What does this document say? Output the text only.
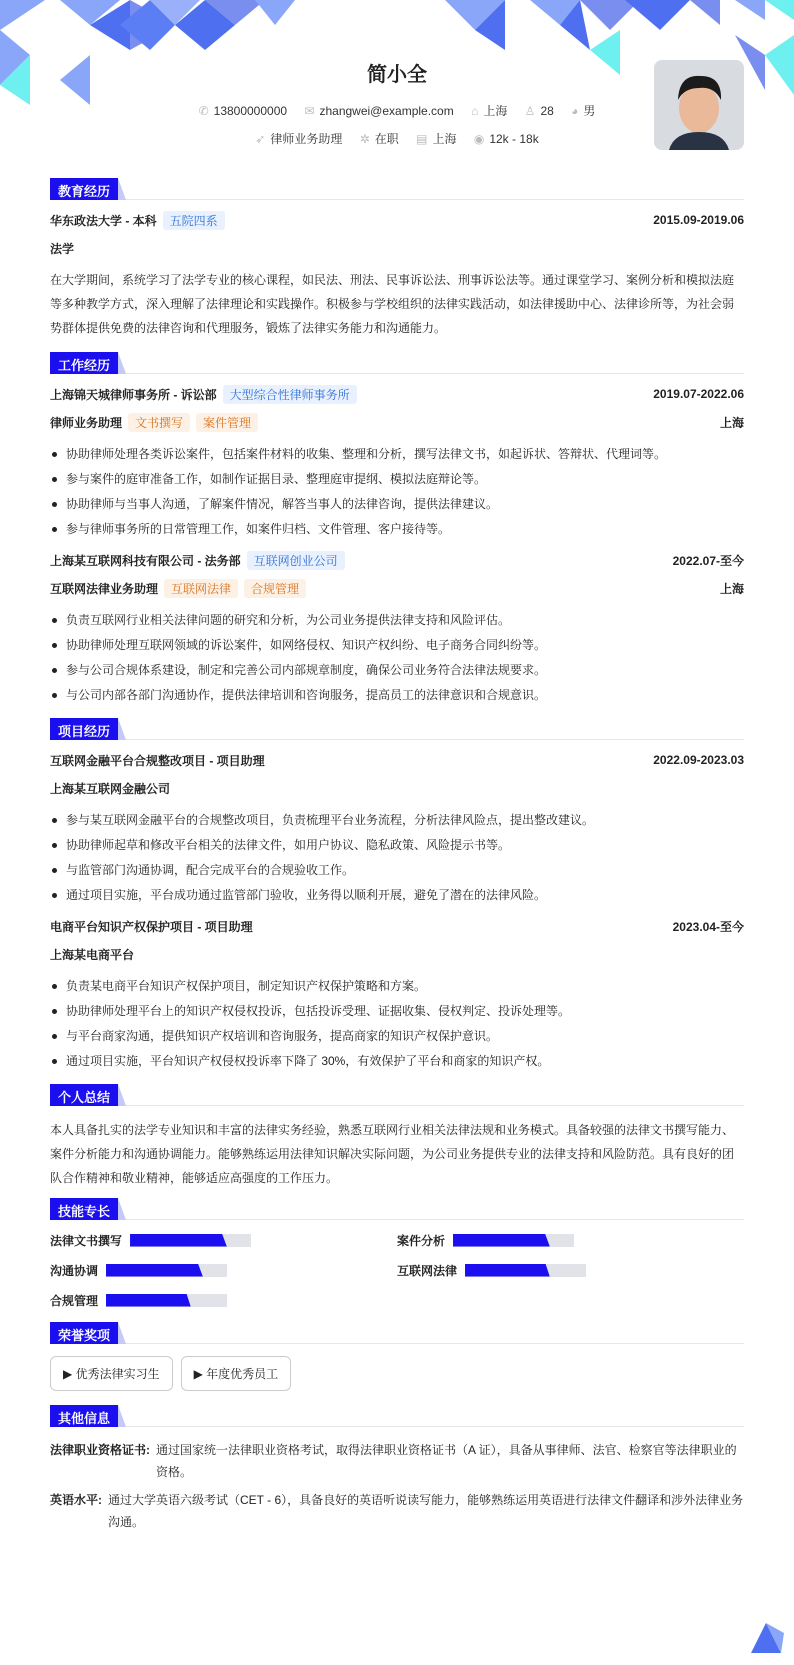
简小全
✆ 13800000000 ✉ zhangwei@example.com ⌂ 上海 ♙ 28 ◕ 男
➶ 律师业务助理 ✲ 在职 ▤ 上海 ◉ 12k - 18k
教育经历
华东政法大学 - 本科 五院四系	2015.09-2019.06
法学

在大学期间，系统学习了法学专业的核心课程，如民法、刑法、民事诉讼法、刑事诉讼法等。通过课堂学习、案例分析和模拟法庭等多种教学方式，深入理解了法律理论和实践操作。积极参与学校组织的法律实践活动，如法律援助中心、法律诊所等，为社会弱势群体提供免费的法律咨询和代理服务，锻炼了法律实务能力和沟通能力。

工作经历
上海锦天城律师事务所 - 诉讼部 大型综合性律师事务所	2019.07-2022.06
律师业务助理 文书撰写 案件管理	上海
协助律师处理各类诉讼案件，包括案件材料的收集、整理和分析，撰写法律文书，如起诉状、答辩状、代理词等。
参与案件的庭审准备工作，如制作证据目录、整理庭审提纲、模拟法庭辩论等。
协助律师与当事人沟通，了解案件情况，解答当事人的法律咨询，提供法律建议。
参与律师事务所的日常管理工作，如案件归档、文件管理、客户接待等。
上海某互联网科技有限公司 - 法务部 互联网创业公司	2022.07-至今
互联网法律业务助理 互联网法律 合规管理	上海
负责互联网行业相关法律问题的研究和分析，为公司业务提供法律支持和风险评估。
协助律师处理互联网领域的诉讼案件，如网络侵权、知识产权纠纷、电子商务合同纠纷等。
参与公司合规体系建设，制定和完善公司内部规章制度，确保公司业务符合法律法规要求。
与公司内部各部门沟通协作，提供法律培训和咨询服务，提高员工的法律意识和合规意识。
项目经历
互联网金融平台合规整改项目 - 项目助理	2022.09-2023.03
上海某互联网金融公司
参与某互联网金融平台的合规整改项目，负责梳理平台业务流程，分析法律风险点，提出整改建议。
协助律师起草和修改平台相关的法律文件，如用户协议、隐私政策、风险提示书等。
与监管部门沟通协调，配合完成平台的合规验收工作。
通过项目实施，平台成功通过监管部门验收，业务得以顺利开展，避免了潜在的法律风险。
电商平台知识产权保护项目 - 项目助理	2023.04-至今
上海某电商平台
负责某电商平台知识产权保护项目，制定知识产权保护策略和方案。
协助律师处理平台上的知识产权侵权投诉，包括投诉受理、证据收集、侵权判定、投诉处理等。
与平台商家沟通，提供知识产权培训和咨询服务，提高商家的知识产权保护意识。
通过项目实施，平台知识产权侵权投诉率下降了 30%，有效保护了平台和商家的知识产权。
个人总结

本人具备扎实的法学专业知识和丰富的法律实务经验，熟悉互联网行业相关法律法规和业务模式。具备较强的法律文书撰写能力、案件分析能力和沟通协调能力。能够熟练运用法律知识解决实际问题，为公司业务提供专业的法律支持和风险防范。具有良好的团队合作精神和敬业精神，能够适应高强度的工作压力。

技能专长
法律文书撰写	案件分析
沟通协调	互联网法律
合规管理
荣誉奖项
▶ 优秀法律实习生	▶ 年度优秀员工
其他信息
法律职业资格证书: 通过国家统一法律职业资格考试，取得法律职业资格证书（A 证），具备从事律师、法官、检察官等法律职业的资格。
英语水平: 通过大学英语六级考试（CET - 6），具备良好的英语听说读写能力，能够熟练运用英语进行法律文件翻译和涉外法律业务沟通。
